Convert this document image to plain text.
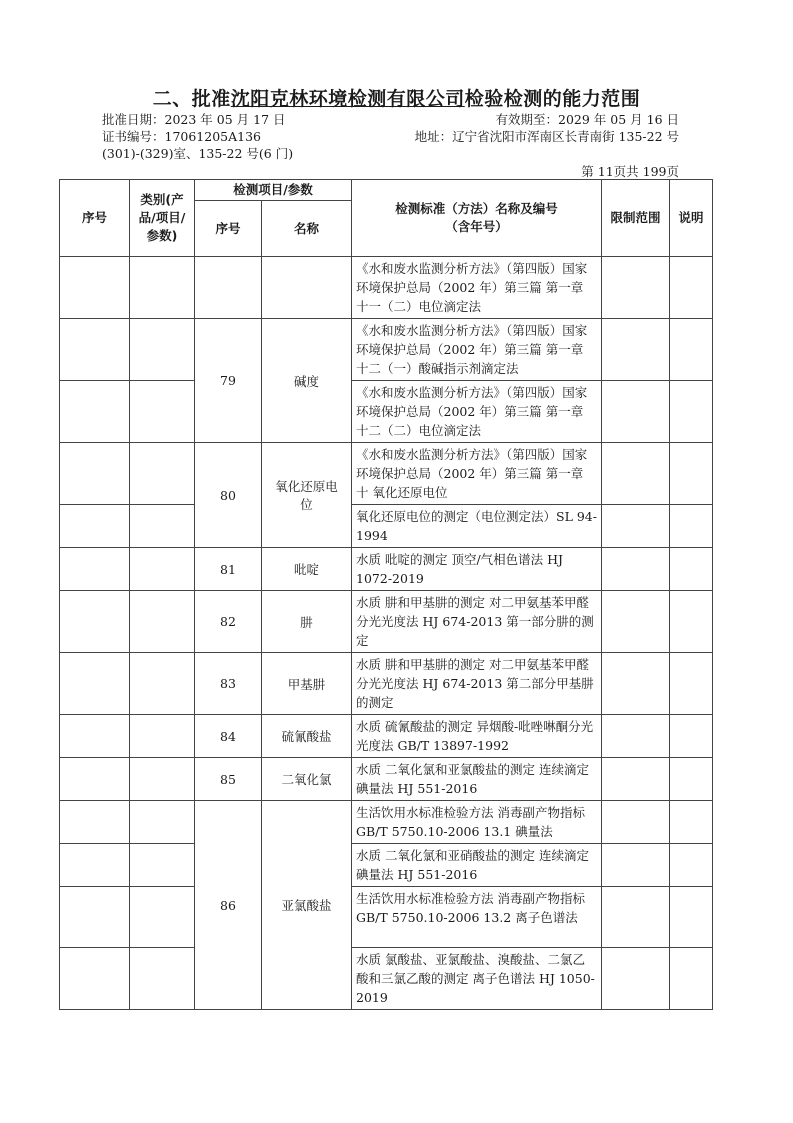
二、批准沈阳克林环境检测有限公司检验检测的能力范围
批准日期：2023 年 05 月 17 日
证书编号：17061205A136
(301)-(329)室、135-22 号(6 门)
有效期至：2029 年 05 月 16 日
地址：辽宁省沈阳市浑南区长青南街 135-22 号
第 11页共 199页
序号	类别(产品/项目/参数)	检测项目/参数		检测标准（方法）名称及编号（含年号）	限制范围	说明
		序号	名称			
				《水和废水监测分析方法》（第四版）国家环境保护总局（2002 年）第三篇 第一章 十一（二）电位滴定法		
		79	碱度	《水和废水监测分析方法》（第四版）国家环境保护总局（2002 年）第三篇 第一章 十二（一）酸碱指示剂滴定法		
				《水和废水监测分析方法》（第四版）国家环境保护总局（2002 年）第三篇 第一章 十二（二）电位滴定法		
		80	氧化还原电位	《水和废水监测分析方法》（第四版）国家环境保护总局（2002 年）第三篇 第一章 十 氧化还原电位		
				氧化还原电位的测定（电位测定法）SL 94-1994		
		81	吡啶	水质 吡啶的测定 顶空/气相色谱法 HJ 1072-2019		
		82	肼	水质 肼和甲基肼的测定 对二甲氨基苯甲醛分光光度法 HJ 674-2013 第一部分肼的测定		
		83	甲基肼	水质 肼和甲基肼的测定 对二甲氨基苯甲醛分光光度法 HJ 674-2013 第二部分甲基肼的测定		
		84	硫氰酸盐	水质 硫氰酸盐的测定 异烟酸-吡唑啉酮分光光度法 GB/T 13897-1992		
		85	二氧化氯	水质 二氧化氯和亚氯酸盐的测定 连续滴定碘量法 HJ 551-2016		
		86	亚氯酸盐	生活饮用水标准检验方法 消毒副产物指标 GB/T 5750.10-2006 13.1 碘量法		
				水质 二氧化氯和亚硝酸盐的测定 连续滴定碘量法 HJ 551-2016		
				生活饮用水标准检验方法 消毒副产物指标 GB/T 5750.10-2006 13.2 离子色谱法		
				水质 氯酸盐、亚氯酸盐、溴酸盐、二氯乙酸和三氯乙酸的测定 离子色谱法 HJ 1050-2019		
